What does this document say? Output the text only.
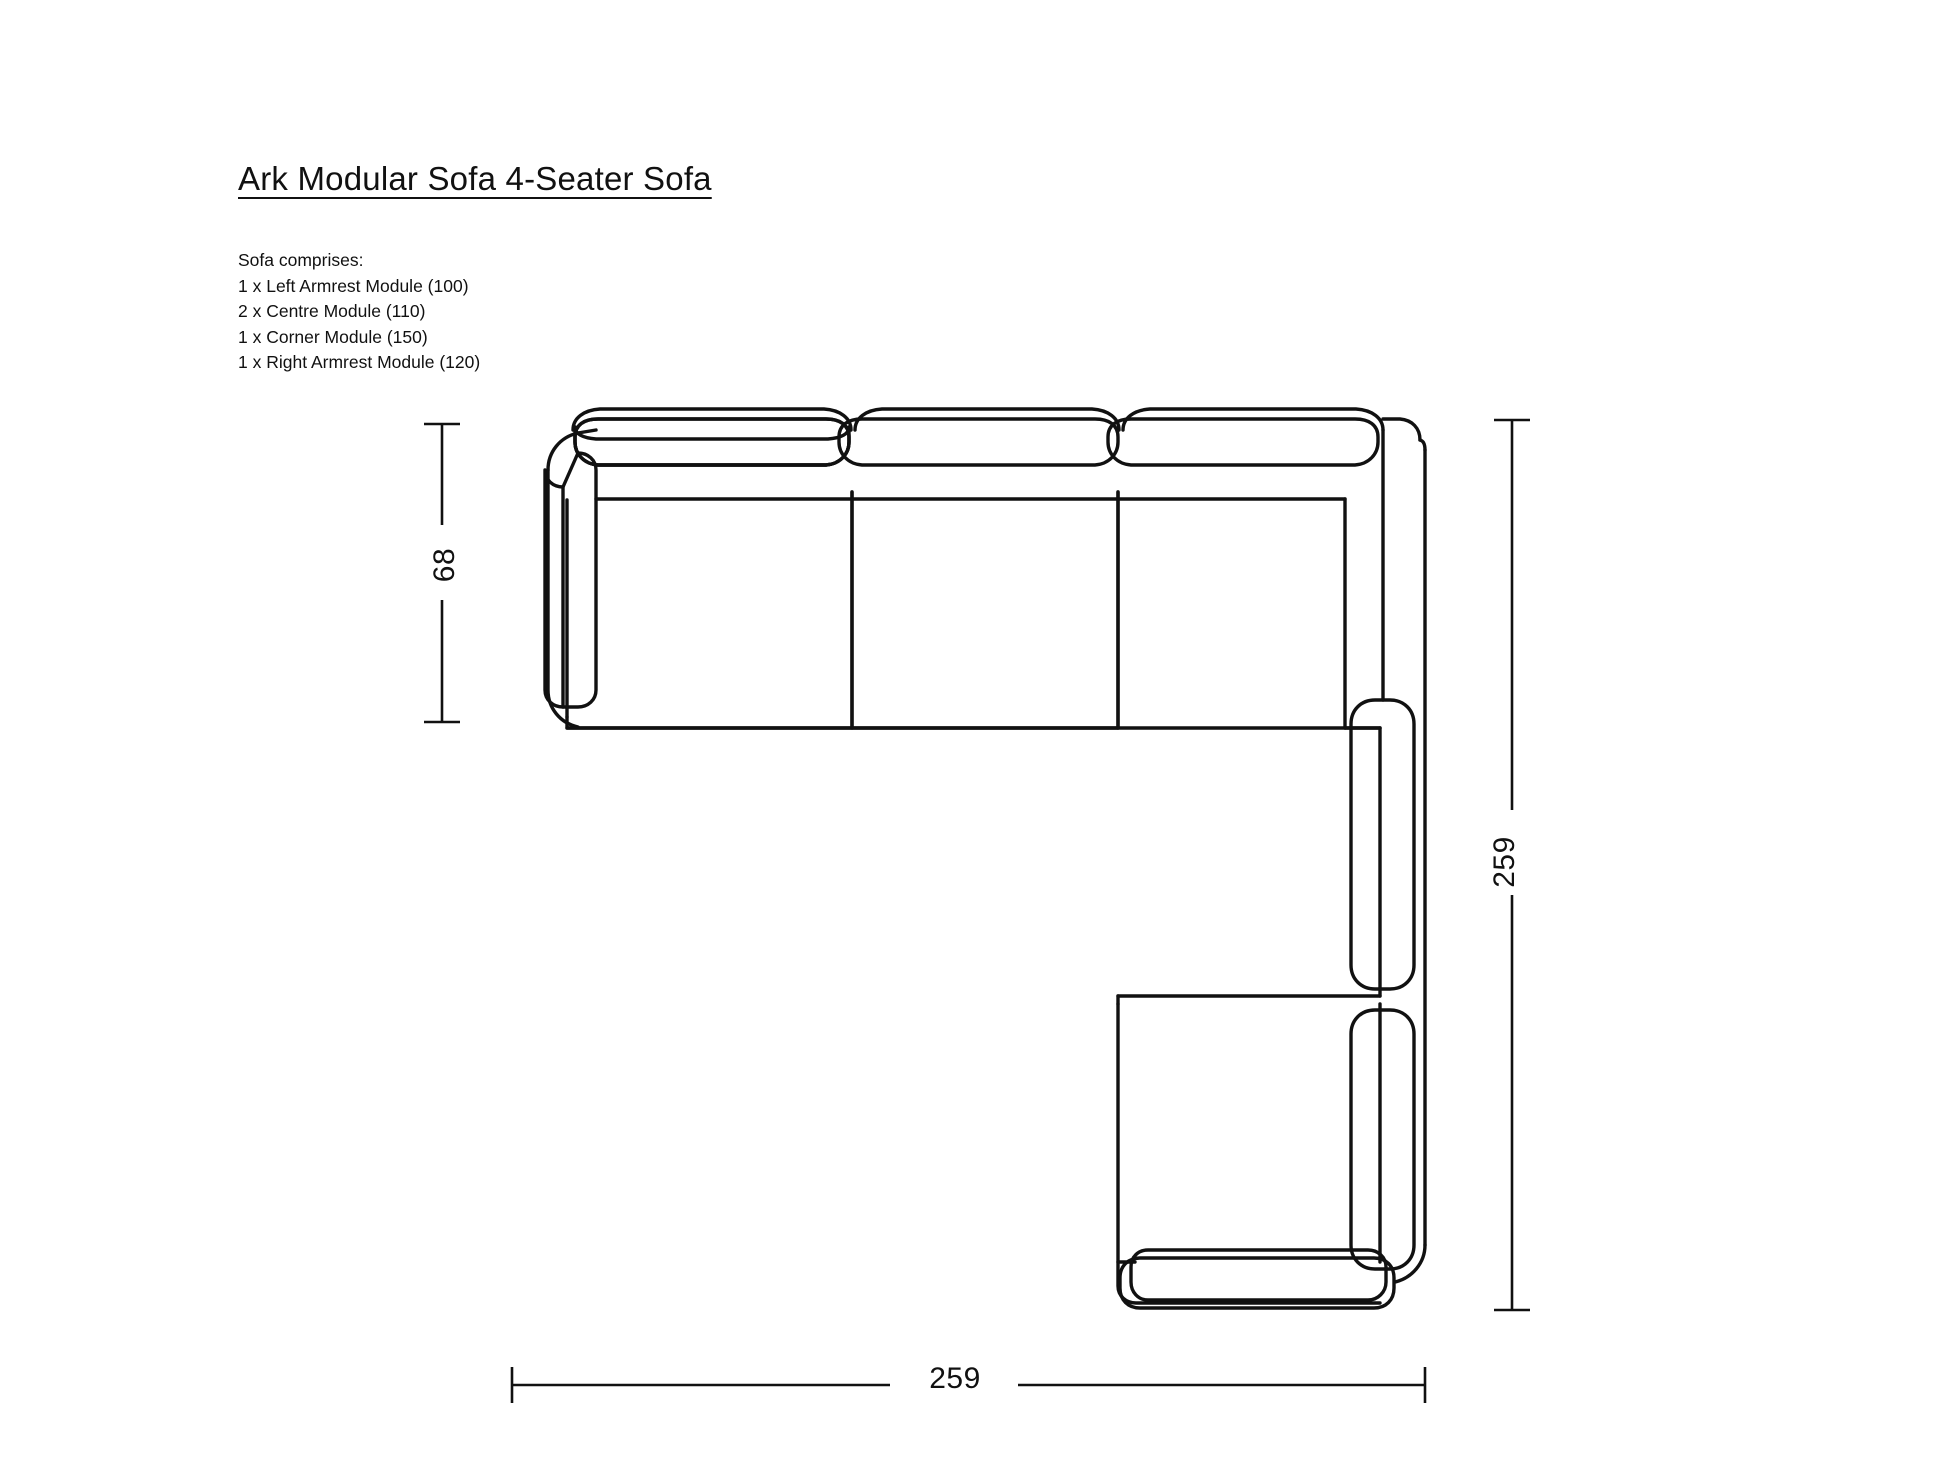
Ark Modular Sofa 4-Seater Sofa
Sofa comprises:
1 x Left Armrest Module (100)
2 x Centre Module (110)
1 x Corner Module (150)
1 x Right Armrest Module (120)
68
259
259
